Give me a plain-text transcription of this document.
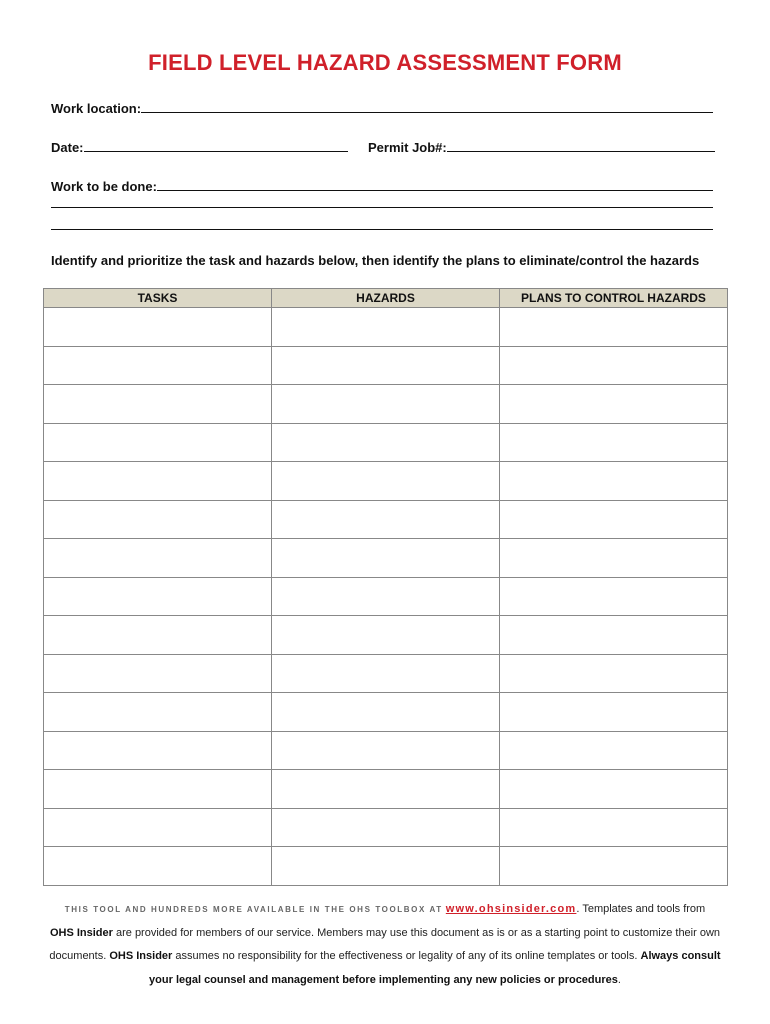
FIELD LEVEL HAZARD ASSESSMENT FORM
Work location:
Date:	Permit Job#:
Work to be done:
Identify and prioritize the task and hazards below, then identify the plans to eliminate/control the hazards
TASKS	HAZARDS	PLANS TO CONTROL HAZARDS

THIS TOOL AND HUNDREDS MORE AVAILABLE IN THE OHS TOOLBOX AT www.ohsinsider.com. Templates and tools from
OHS Insider are provided for members of our service. Members may use this document as is or as a starting point to customize their own documents. OHS Insider assumes no responsibility for the effectiveness or legality of any of its online templates or tools. Always consult your legal counsel and management before implementing any new policies or procedures.
